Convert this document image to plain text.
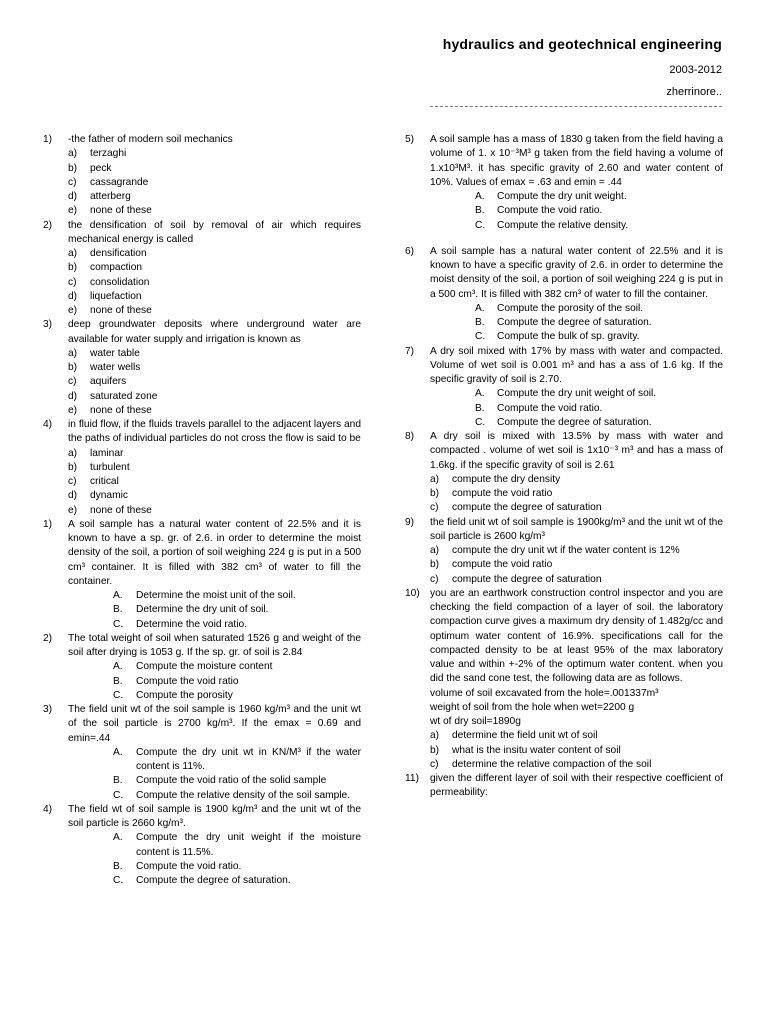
hydraulics and geotechnical engineering
2003-2012
zherrinore..
1) -the father of modern soil mechanics
a) terzaghi
b) peck
c) cassagrande
d) atterberg
e) none of these
2) the densification of soil by removal of air which requires mechanical energy is called
a) densification
b) compaction
c) consolidation
d) liquefaction
e) none of these
3) deep groundwater deposits where underground water are available for water supply and irrigation is known as
a) water table
b) water wells
c) aquifers
d) saturated zone
e) none of these
4) in fluid flow, if the fluids travels parallel to the adjacent layers and the paths of individual particles do not cross the flow is said to be
a) laminar
b) turbulent
c) critical
d) dynamic
e) none of these
1) A soil sample has a natural water content of 22.5% and it is known to have a sp. gr. of 2.6. in order to determine the moist density of the soil, a portion of soil weighing 224 g is put in a 500 cm³ container. It is filled with 382 cm³ of water to fill the container.
A. Determine the moist unit of the soil.
B. Determine the dry unit of soil.
C. Determine the void ratio.
2) The total weight of soil when saturated 1526 g and weight of the soil after drying is 1053 g. If the sp. gr. of soil is 2.84
A. Compute the moisture content
B. Compute the void ratio
C. Compute the porosity
3) The field unit wt of the soil sample is 1960 kg/m³ and the unit wt of the soil particle is 2700 kg/m³. If the emax = 0.69 and emin=.44
A. Compute the dry unit wt in KN/M³ if the water content is 11%.
B. Compute the void ratio of the solid sample
C. Compute the relative density of the soil sample.
4) The field wt of soil sample is 1900 kg/m³ and the unit wt of the soil particle is 2660 kg/m³.
A. Compute the dry unit weight if the moisture content is 11.5%.
B. Compute the void ratio.
C. Compute the degree of saturation.
5) A soil sample has a mass of 1830 g taken from the field having a volume of 1. x 10⁻³M³ g taken from the field having a volume of 1.x10³M³. it has specific gravity of 2.60 and water content of 10%. Values of emax = .63 and emin = .44
A. Compute the dry unit weight.
B. Compute the void ratio.
C. Compute the relative density.
6) A soil sample has a natural water content of 22.5% and it is known to have a specific gravity of 2.6. in order to determine the moist density of the soil, a portion of soil weighing 224 g is put in a 500 cm³. It is filled with 382 cm³ of water to fill the container.
A. Compute the porosity of the soil.
B. Compute the degree of saturation.
C. Compute the bulk of sp. gravity.
7) A dry soil mixed with 17% by mass with water and compacted. Volume of wet soil is 0.001 m³ and has a ass of 1.6 kg. If the specific gravity of soil is 2.70.
A. Compute the dry unit weight of soil.
B. Compute the void ratio.
C. Compute the degree of saturation.
8) A dry soil is mixed with 13.5% by mass with water and compacted . volume of wet soil is 1x10⁻³ m³ and has a mass of 1.6kg. if the specific gravity of soil is 2.61
a) compute the dry density
b) compute the void ratio
c) compute the degree of saturation
9) the field unit wt of soil sample is 1900kg/m³ and the unit wt of the soil particle is 2600 kg/m³
a) compute the dry unit wt if the water content is 12%
b) compute the void ratio
c) compute the degree of saturation
10) you are an earthwork construction control inspector and you are checking the field compaction of a layer of soil. the laboratory compaction curve gives a maximum dry density of 1.482g/cc and optimum water content of 16.9%. specifications call for the compacted density to be at least 95% of the max laboratory value and within +-2% of the optimum water content. when you did the sand cone test, the following data are as follows.
volume of soil excavated from the hole=.001337m³
weight of soil from the hole when wet=2200 g
wt of dry soil=1890g
a) determine the field unit wt of soil
b) what is the insitu water content of soil
c) determine the relative compaction of the soil
11) given the different layer of soil with their respective coefficient of permeability:
